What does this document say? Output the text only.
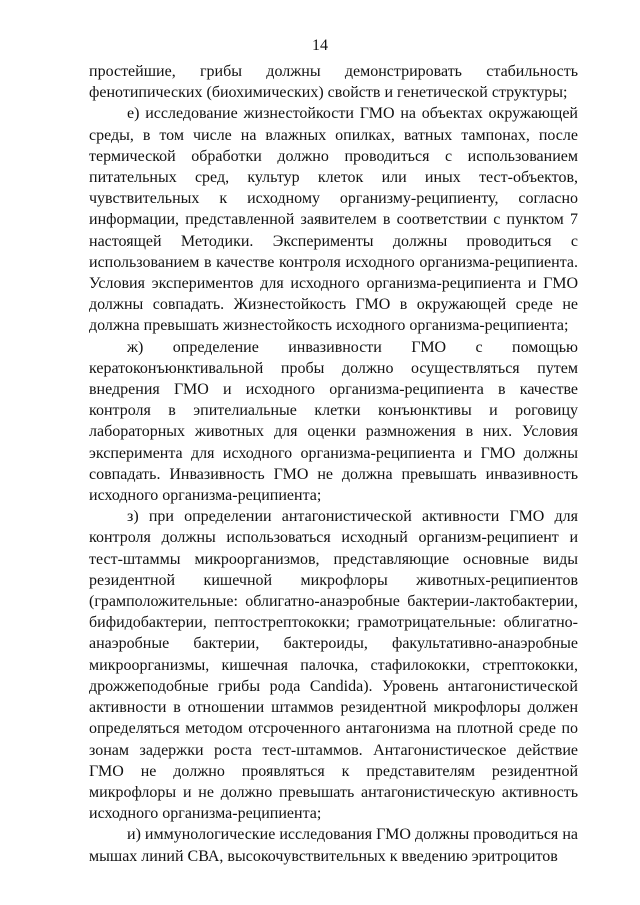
14

простейшие, грибы должны демонстрировать стабильность фенотипических (биохимических) свойств и генетической структуры;

е) исследование жизнестойкости ГМО на объектах окружающей среды, в том числе на влажных опилках, ватных тампонах, после термической обработки должно проводиться с использованием питательных сред, культур клеток или иных тест-объектов, чувствительных к исходному организму-реципиенту, согласно информации, представленной заявителем в соответствии с пунктом 7 настоящей Методики. Эксперименты должны проводиться с использованием в качестве контроля исходного организма-реципиента. Условия экспериментов для исходного организма-реципиента и ГМО должны совпадать. Жизнестойкость ГМО в окружающей среде не должна превышать жизнестойкость исходного организма-реципиента;

ж) определение инвазивности ГМО с помощью кератоконъюнктивальной пробы должно осуществляться путем внедрения ГМО и исходного организма-реципиента в качестве контроля в эпителиальные клетки конъюнктивы и роговицу лабораторных животных для оценки размножения в них. Условия эксперимента для исходного организма-реципиента и ГМО должны совпадать. Инвазивность ГМО не должна превышать инвазивность исходного организма-реципиента;

з) при определении антагонистической активности ГМО для контроля должны использоваться исходный организм-реципиент и тест-штаммы микроорганизмов, представляющие основные виды резидентной кишечной микрофлоры животных-реципиентов (грамположительные: облигатно-анаэробные бактерии-лактобактерии, бифидобактерии, пептострептококки; грамотрицательные: облигатно-анаэробные бактерии, бактероиды, факультативно-анаэробные микроорганизмы, кишечная палочка, стафилококки, стрептококки, дрожжеподобные грибы рода Candida). Уровень антагонистической активности в отношении штаммов резидентной микрофлоры должен определяться методом отсроченного антагонизма на плотной среде по зонам задержки роста тест-штаммов. Антагонистическое действие ГМО не должно проявляться к представителям резидентной микрофлоры и не должно превышать антагонистическую активность исходного организма-реципиента;

и) иммунологические исследования ГМО должны проводиться на мышах линий СВА, высокочувствительных к введению эритроцитов
